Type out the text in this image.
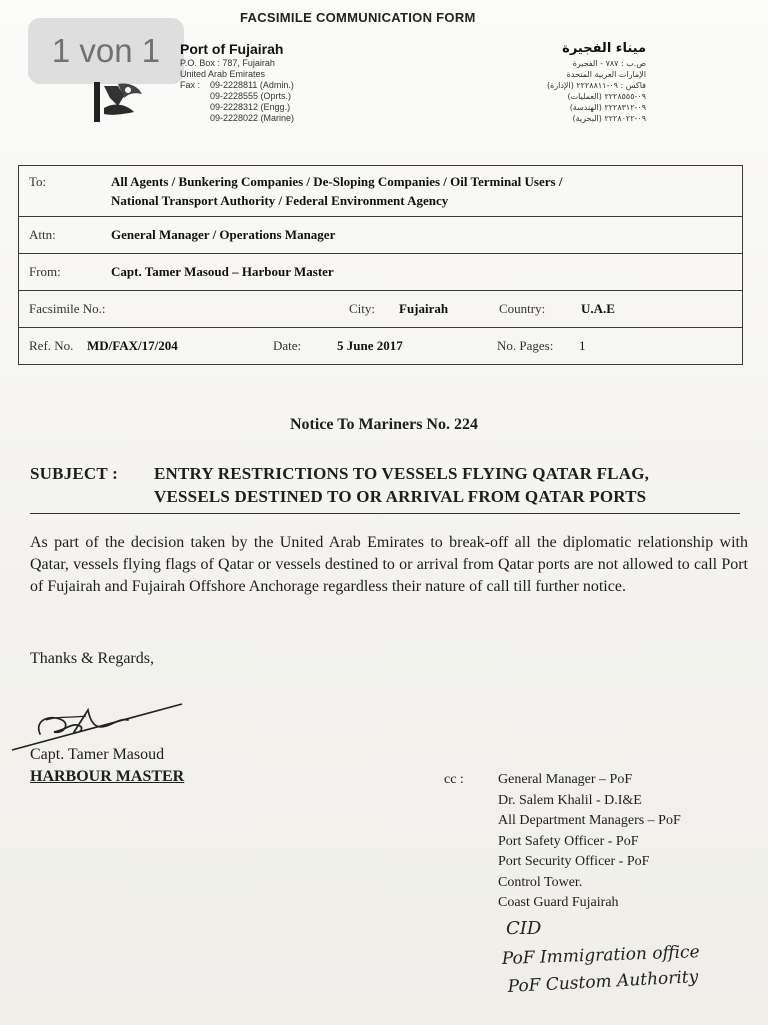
1 von 1
FACSIMILE COMMUNICATION FORM

Port of Fujairah
P.O. Box : 787, Fujairah
United Arab Emirates
Fax :	09-2228811 (Admin.)
09-2228555 (Oprts.)
09-2228312 (Engg.)
09-2228022 (Marine)
ميناء الفجيرة
ص.ب : ٧٨٧ - الفجيرة
الإمارات العربية المتحدة
فاكس : ٠٩-٢٢٢٨٨١١ (الإدارة)
٠٩-٢٢٢٨٥٥٥ (العمليات)
٠٩-٢٢٢٨٣١٢ (الهندسة)
٠٩-٢٢٢٨٠٢٢ (البحرية)
To:	All Agents / Bunkering Companies / De-Sloping Companies / Oil Terminal Users /
National Transport Authority / Federal Environment Agency

Attn:	General Manager / Operations Manager

From:	Capt. Tamer Masoud – Harbour Master

Facsimile No.:	City:	Fujairah	Country:	U.A.E

Ref. No.	MD/FAX/17/204	Date:	5 June 2017	No. Pages:	1
Notice To Mariners No. 224
SUBJECT : ENTRY RESTRICTIONS TO VESSELS FLYING QATAR FLAG,
VESSELS DESTINED TO OR ARRIVAL FROM QATAR PORTS
As part of the decision taken by the United Arab Emirates to break-off all the diplomatic relationship with Qatar, vessels flying flags of Qatar or vessels destined to or arrival from Qatar ports are not allowed to call Port of Fujairah and Fujairah Offshore Anchorage regardless their nature of call till further notice.
Thanks & Regards,
Capt. Tamer Masoud
HARBOUR MASTER	cc : General Manager – PoF
Dr. Salem Khalil - D.I&E
All Department Managers – PoF
Port Safety Officer - PoF
Port Security Officer - PoF
Control Tower.
Coast Guard Fujairah
CID
PoF Immigration office
PoF Custom Authority
